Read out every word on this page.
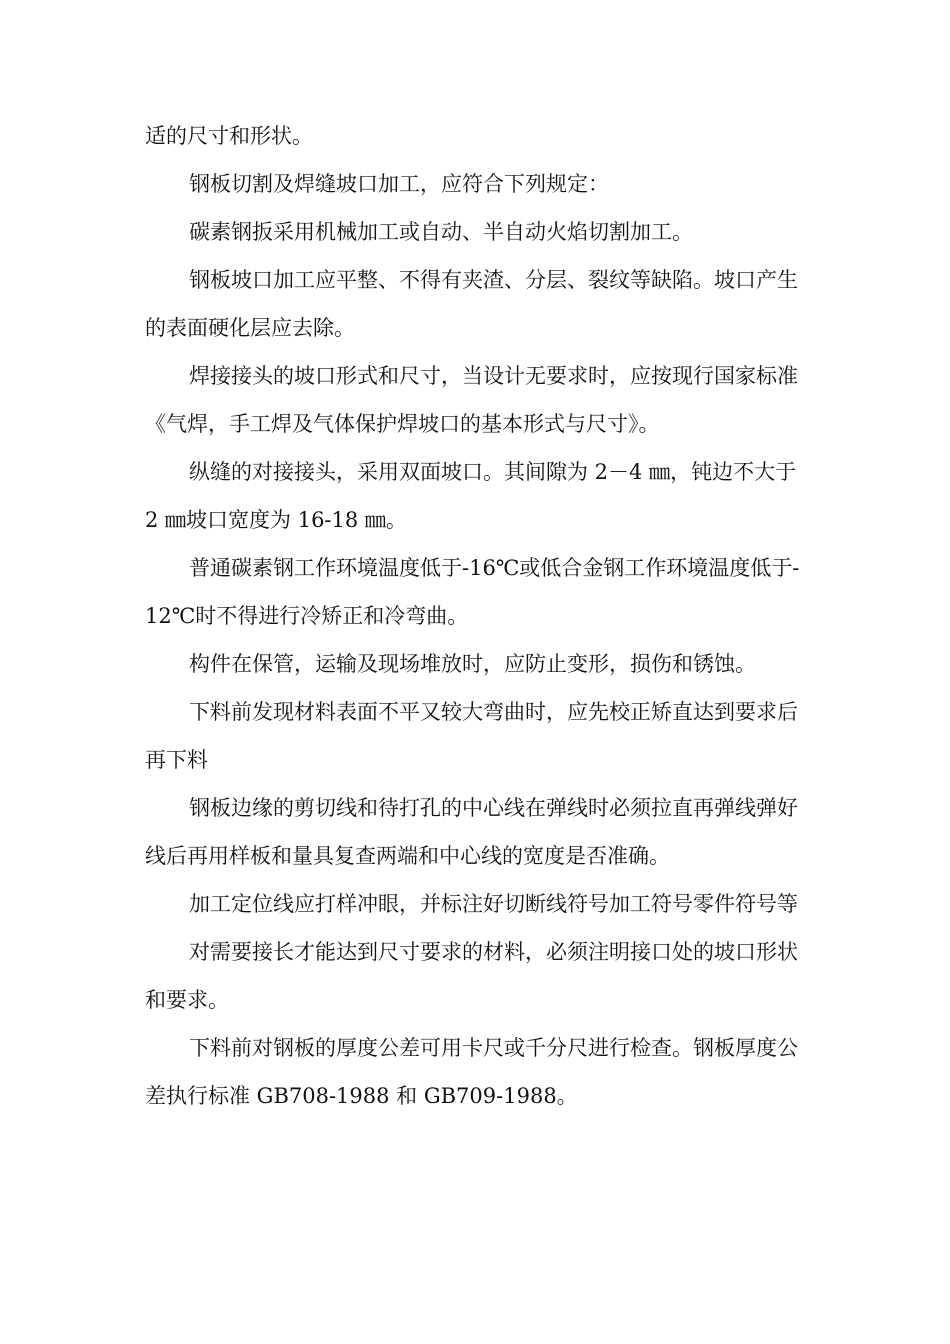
适的尺寸和形状。

钢板切割及焊缝坡口加工，应符合下列规定：

碳素钢扳采用机械加工或自动、半自动火焰切割加工。

钢板坡口加工应平整、不得有夹渣、分层、裂纹等缺陷。坡口产生的表面硬化层应去除。

焊接接头的坡口形式和尺寸，当设计无要求时，应按现行国家标准《气焊，手工焊及气体保护焊坡口的基本形式与尺寸》。

纵缝的对接接头，采用双面坡口。其间隙为 2－4 ㎜，钝边不大于 2 ㎜坡口宽度为 16-18 ㎜。

普通碳素钢工作环境温度低于-16℃或低合金钢工作环境温度低于-12℃时不得进行冷矫正和冷弯曲。

构件在保管，运输及现场堆放时，应防止变形，损伤和锈蚀。

下料前发现材料表面不平又较大弯曲时，应先校正矫直达到要求后再下料

钢板边缘的剪切线和待打孔的中心线在弹线时必须拉直再弹线弹好线后再用样板和量具复查两端和中心线的宽度是否准确。

加工定位线应打样冲眼，并标注好切断线符号加工符号零件符号等

对需要接长才能达到尺寸要求的材料，必须注明接口处的坡口形状和要求。

下料前对钢板的厚度公差可用卡尺或千分尺进行检查。钢板厚度公差执行标准 GB708-1988 和 GB709-1988。
